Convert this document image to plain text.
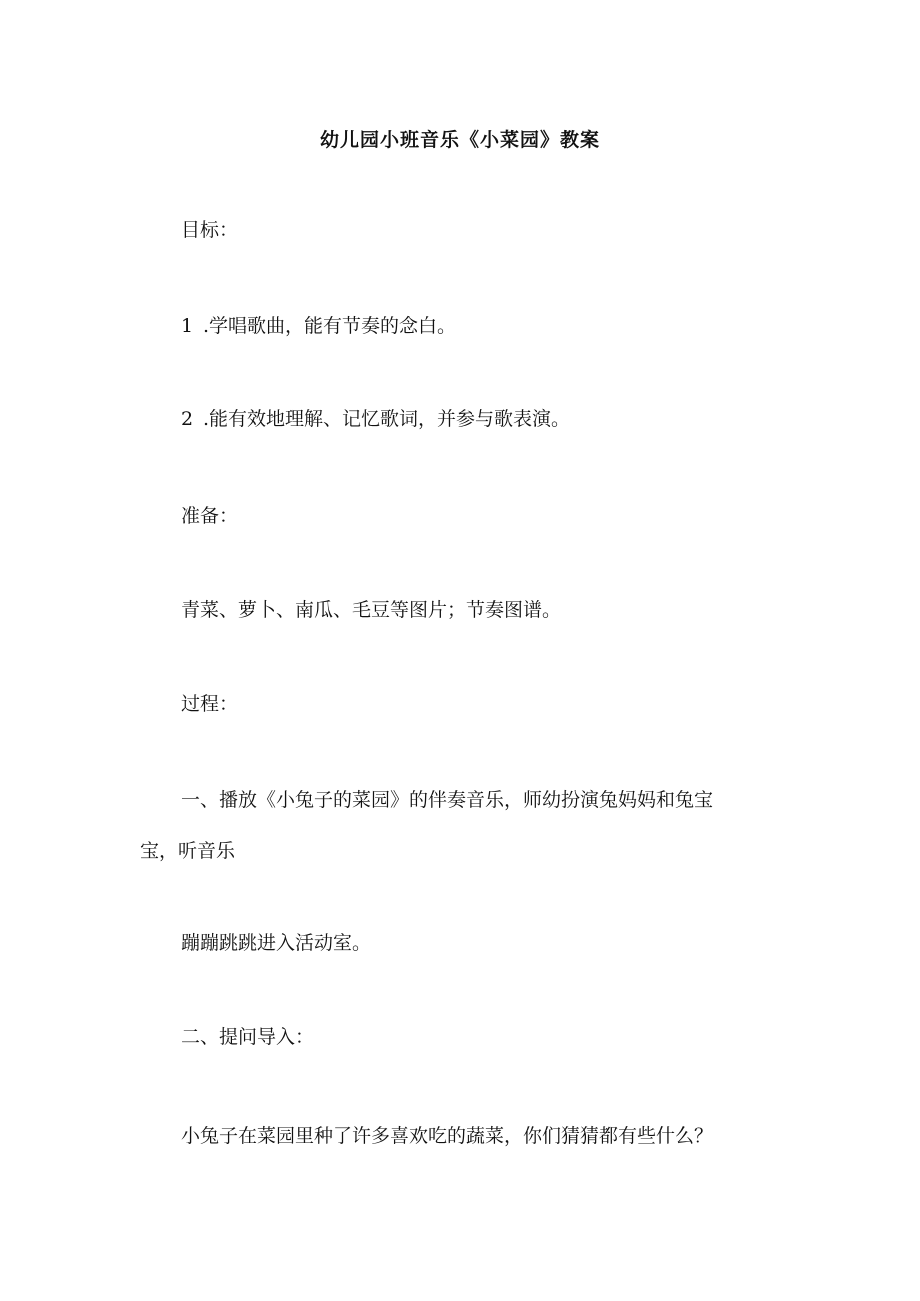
幼儿园小班音乐《小菜园》教案
目标：
1 .学唱歌曲，能有节奏的念白。
2 .能有效地理解、记忆歌词，并参与歌表演。
准备：
青菜、萝卜、南瓜、毛豆等图片；节奏图谱。
过程：
一、播放《小兔子的菜园》的伴奏音乐，师幼扮演兔妈妈和兔宝
宝，听音乐
蹦蹦跳跳进入活动室。
二、提问导入：
小兔子在菜园里种了许多喜欢吃的蔬菜，你们猜猜都有些什么？
